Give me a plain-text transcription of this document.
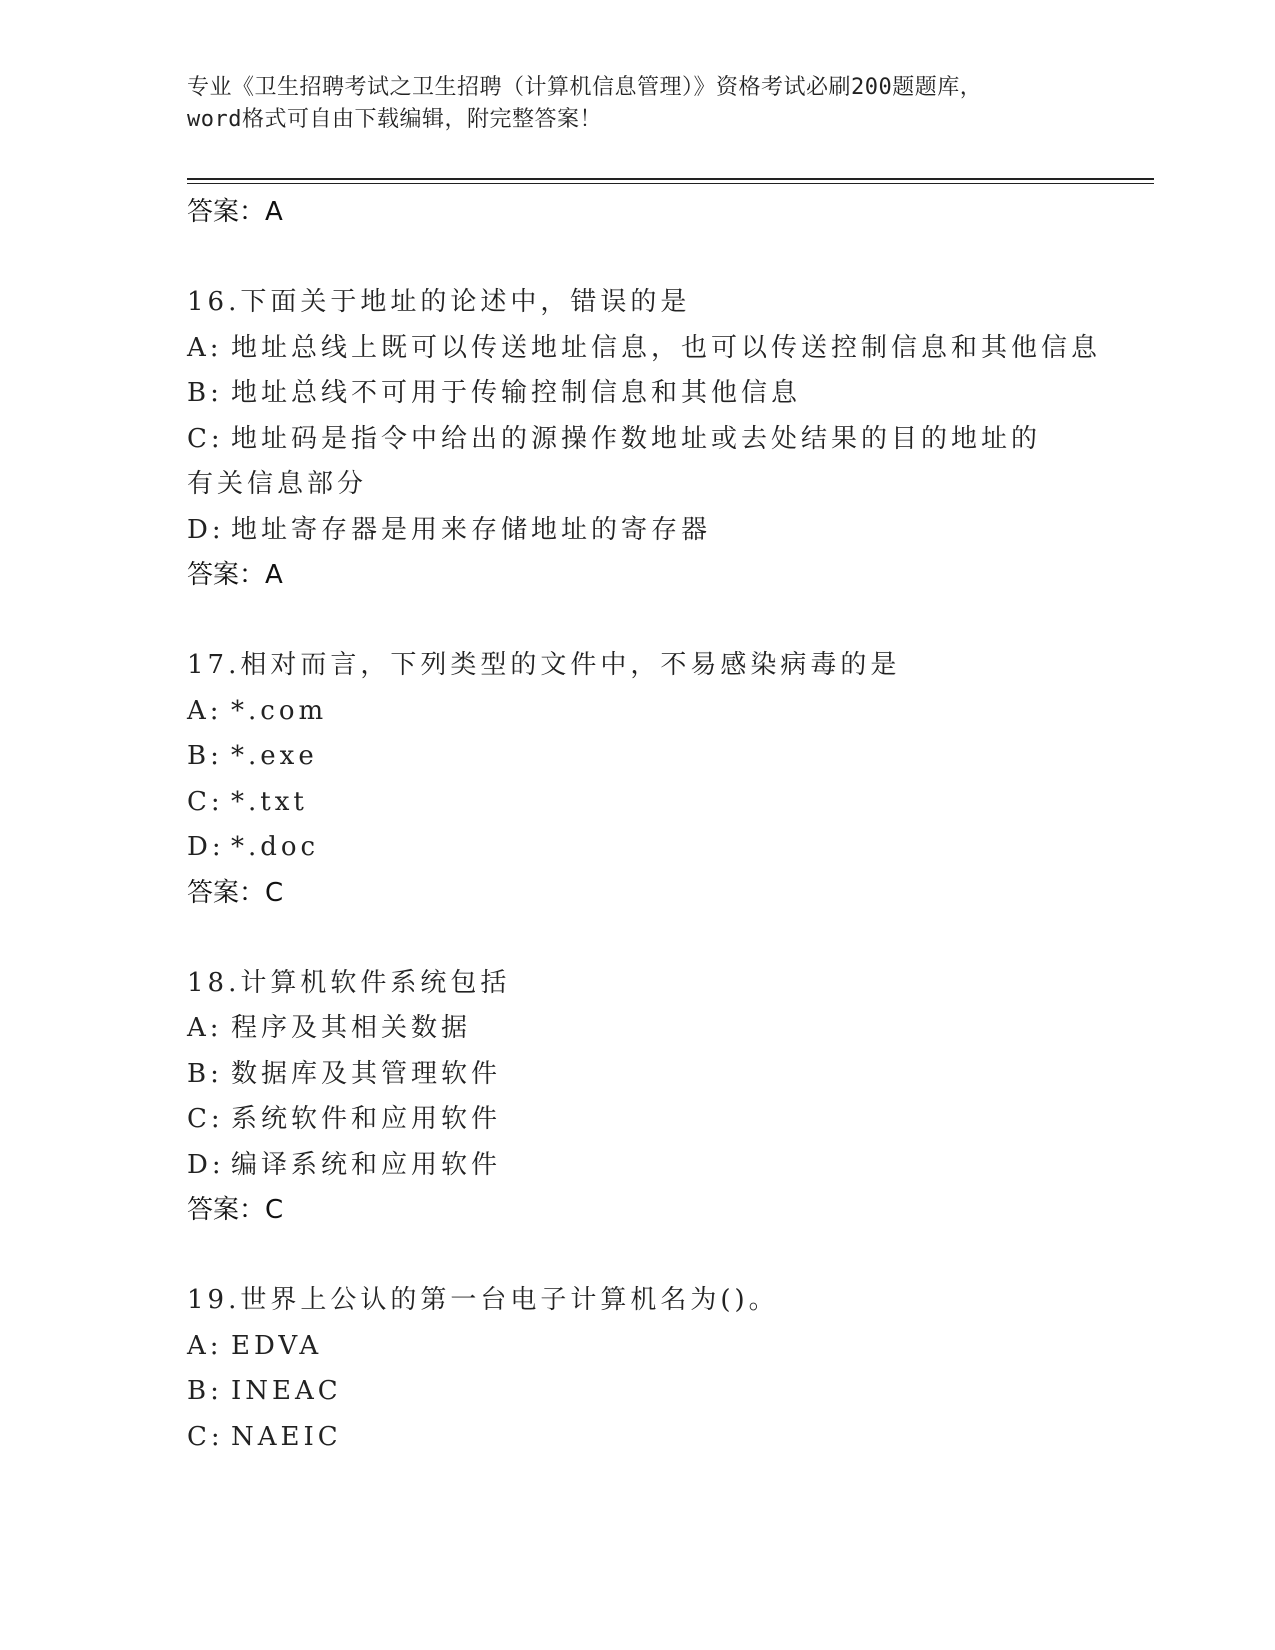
专业《卫生招聘考试之卫生招聘（计算机信息管理）》资格考试必刷200题题库，
word格式可自由下载编辑，附完整答案！
答案：A
16.下面关于地址的论述中，错误的是
A: 地址总线上既可以传送地址信息，也可以传送控制信息和其他信息
B: 地址总线不可用于传输控制信息和其他信息
C: 地址码是指令中给出的源操作数地址或去处结果的目的地址的有关信息部分
D: 地址寄存器是用来存储地址的寄存器
答案：A
17.相对而言，下列类型的文件中，不易感染病毒的是
A: *.com
B: *.exe
C: *.txt
D: *.doc
答案：C
18.计算机软件系统包括
A: 程序及其相关数据
B: 数据库及其管理软件
C: 系统软件和应用软件
D: 编译系统和应用软件
答案：C
19.世界上公认的第一台电子计算机名为()。
A: EDVA
B: INEAC
C: NAEIC
